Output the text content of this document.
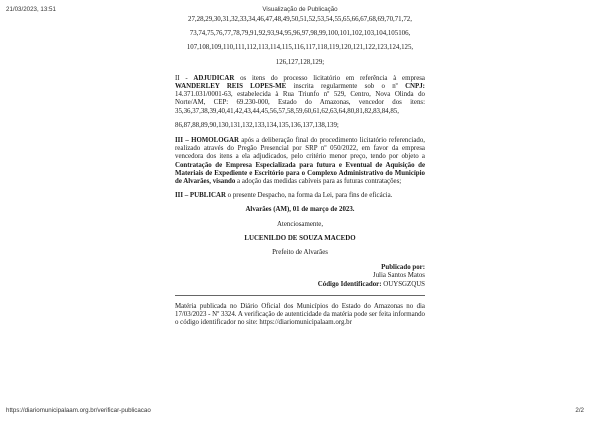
21/03/2023, 13:51	Visualização de Publicação

27,28,29,30,31,32,33,34,46,47,48,49,50,51,52,53,54,55,65,66,67,68,69,70,71,72,

73,74,75,76,77,78,79,91,92,93,94,95,96,97,98,99,100,101,102,103,104,105106,

107,108,109,110,111,112,113,114,115,116,117,118,119,120,121,122,123,124,125,

126,127,128,129;

II - ADJUDICAR os itens do processo licitatório em referência à empresa WANDERLEY REIS LOPES-ME inscrita regularmente sob o nº CNPJ: 14.371.031/0001-63, estabelecida à Rua Triunfo nº 529, Centro, Nova Olinda do Norte/AM, CEP: 69.230-000, Estado do Amazonas, vencedor dos itens: 35,36,37,38,39,40,41,42,43,44,45,56,57,58,59,60,61,62,63,64,80,81,82,83,84,85,

86,87,88,89,90,130,131,132,133,134,135,136,137,138,139;

III – HOMOLOGAR após a deliberação final do procedimento licitatório referenciado, realizado através do Pregão Presencial por SRP nº 050/2022, em favor da empresa vencedora dos itens a ela adjudicados, pelo critério menor preço, tendo por objeto a Contratação de Empresa Especializada para futura e Eventual de Aquisição de Materiais de Expediente e Escritório para o Complexo Administrativo do Município de Alvarães, visando a adoção das medidas cabíveis para as futuras contratações;

III – PUBLICAR o presente Despacho, na forma da Lei, para fins de eficácia.

Alvarães (AM), 01 de março de 2023.

Atenciosamente,

LUCENILDO DE SOUZA MACEDO

Prefeito de Alvarães

Publicado por:

Julia Santos Matos

Código Identificador: OUYSGZQUS

Matéria publicada no Diário Oficial dos Municípios do Estado do Amazonas no dia 17/03/2023 - Nº 3324. A verificação de autenticidade da matéria pode ser feita informando o código identificador no site: https://diariomunicipalaam.org.br

https://diariomunicipalaam.org.br/verificar-publicacao	2/2
